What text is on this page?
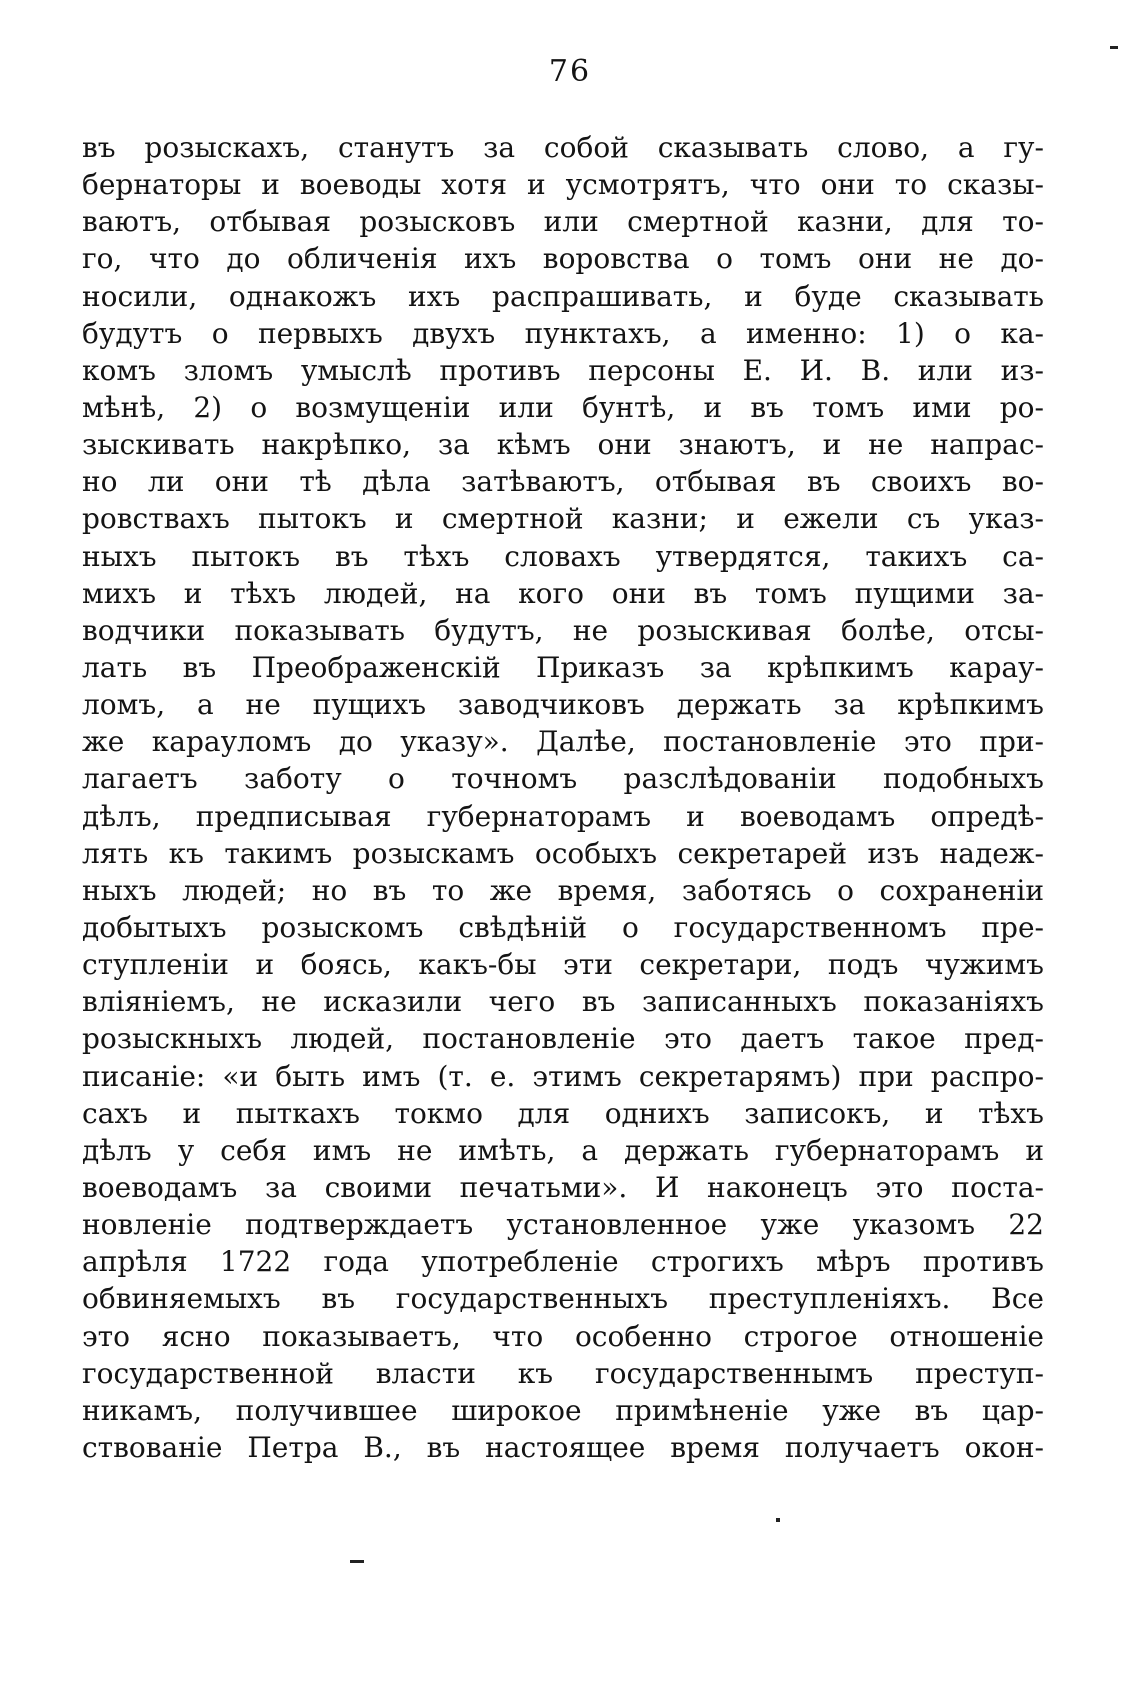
76
въ розыскахъ, станутъ за собой сказывать слово, а гу-
бернаторы и воеводы хотя и усмотрятъ, что они то сказы-
ваютъ, отбывая розысковъ или смертной казни, для то-
го, что до обличенія ихъ воровства о томъ они не до-
носили, однакожъ ихъ распрашивать, и буде сказывать
будутъ о первыхъ двухъ пунктахъ, а именно: 1) о ка-
комъ зломъ умыслѣ противъ персоны Е. И. В. или из-
мѣнѣ, 2) о возмущеніи или бунтѣ, и въ томъ ими ро-
зыскивать накрѣпко, за кѣмъ они знаютъ, и не напрас-
но ли они тѣ дѣла затѣваютъ, отбывая въ своихъ во-
ровствахъ пытокъ и смертной казни; и ежели съ указ-
ныхъ пытокъ въ тѣхъ словахъ утвердятся, такихъ са-
михъ и тѣхъ людей, на кого они въ томъ пущими за-
водчики показывать будутъ, не розыскивая болѣе, отсы-
лать въ Преображенскій Приказъ за крѣпкимъ карау-
ломъ, а не пущихъ заводчиковъ держать за крѣпкимъ
же карауломъ до указу». Далѣе, постановленіе это при-
лагаетъ заботу о точномъ разслѣдованіи подобныхъ
дѣлъ, предписывая губернаторамъ и воеводамъ опредѣ-
лять къ такимъ розыскамъ особыхъ секретарей изъ надеж-
ныхъ людей; но въ то же время, заботясь о сохраненіи
добытыхъ розыскомъ свѣдѣній о государственномъ пре-
ступленіи и боясь, какъ-бы эти секретари, подъ чужимъ
вліяніемъ, не исказили чего въ записанныхъ показаніяхъ
розыскныхъ людей, постановленіе это даетъ такое пред-
писаніе: «и быть имъ (т. е. этимъ секретарямъ) при распро-
сахъ и пыткахъ токмо для однихъ записокъ, и тѣхъ
дѣлъ у себя имъ не имѣть, а держать губернаторамъ и
воеводамъ за своими печатьми». И наконецъ это поста-
новленіе подтверждаетъ установленное уже указомъ 22
апрѣля 1722 года употребленіе строгихъ мѣръ противъ
обвиняемыхъ въ государственныхъ преступленіяхъ. Все
это ясно показываетъ, что особенно строгое отношеніе
государственной власти къ государственнымъ преступ-
никамъ, получившее широкое примѣненіе уже въ цар-
ствованіе Петра В., въ настоящее время получаетъ окон-
